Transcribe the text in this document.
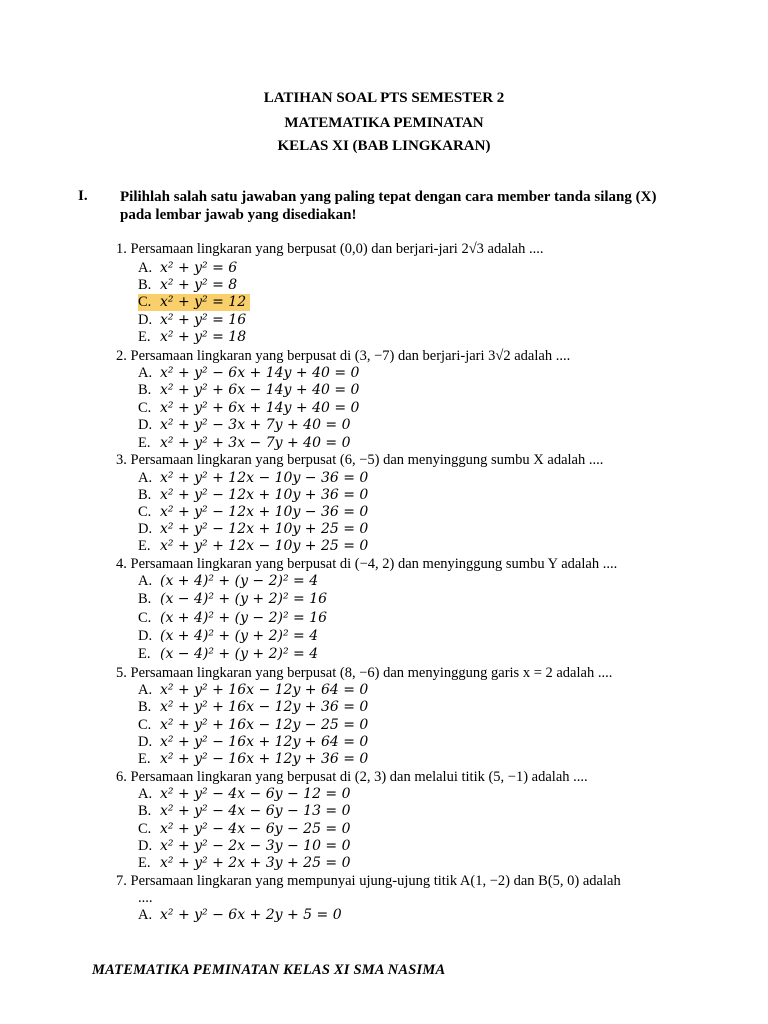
LATIHAN SOAL PTS SEMESTER 2
MATEMATIKA PEMINATAN
KELAS XI (BAB LINGKARAN)
I. Pilihlah salah satu jawaban yang paling tepat dengan cara member tanda silang (X) pada lembar jawab yang disediakan!
1. Persamaan lingkaran yang berpusat (0,0) dan berjari-jari 2√3 adalah ....
A. x² + y² = 6
B. x² + y² = 8
C. x² + y² = 12
D. x² + y² = 16
E. x² + y² = 18
2. Persamaan lingkaran yang berpusat di (3, −7) dan berjari-jari 3√2 adalah ....
A. x² + y² − 6x + 14y + 40 = 0
B. x² + y² + 6x − 14y + 40 = 0
C. x² + y² + 6x + 14y + 40 = 0
D. x² + y² − 3x + 7y + 40 = 0
E. x² + y² + 3x − 7y + 40 = 0
3. Persamaan lingkaran yang berpusat (6, −5) dan menyinggung sumbu X adalah ....
A. x² + y² + 12x − 10y − 36 = 0
B. x² + y² − 12x + 10y + 36 = 0
C. x² + y² − 12x + 10y − 36 = 0
D. x² + y² − 12x + 10y + 25 = 0
E. x² + y² + 12x − 10y + 25 = 0
4. Persamaan lingkaran yang berpusat di (−4, 2) dan menyinggung sumbu Y adalah ....
A. (x + 4)² + (y − 2)² = 4
B. (x − 4)² + (y + 2)² = 16
C. (x + 4)² + (y − 2)² = 16
D. (x + 4)² + (y + 2)² = 4
E. (x − 4)² + (y + 2)² = 4
5. Persamaan lingkaran yang berpusat (8, −6) dan menyinggung garis x = 2 adalah ....
A. x² + y² + 16x − 12y + 64 = 0
B. x² + y² + 16x − 12y + 36 = 0
C. x² + y² + 16x − 12y − 25 = 0
D. x² + y² − 16x + 12y + 64 = 0
E. x² + y² − 16x + 12y + 36 = 0
6. Persamaan lingkaran yang berpusat di (2, 3) dan melalui titik (5, −1) adalah ....
A. x² + y² − 4x − 6y − 12 = 0
B. x² + y² − 4x − 6y − 13 = 0
C. x² + y² − 4x − 6y − 25 = 0
D. x² + y² − 2x − 3y − 10 = 0
E. x² + y² + 2x + 3y + 25 = 0
7. Persamaan lingkaran yang mempunyai ujung-ujung titik A(1, −2) dan B(5, 0) adalah
....
A. x² + y² − 6x + 2y + 5 = 0
MATEMATIKA PEMINATAN KELAS XI SMA NASIMA
